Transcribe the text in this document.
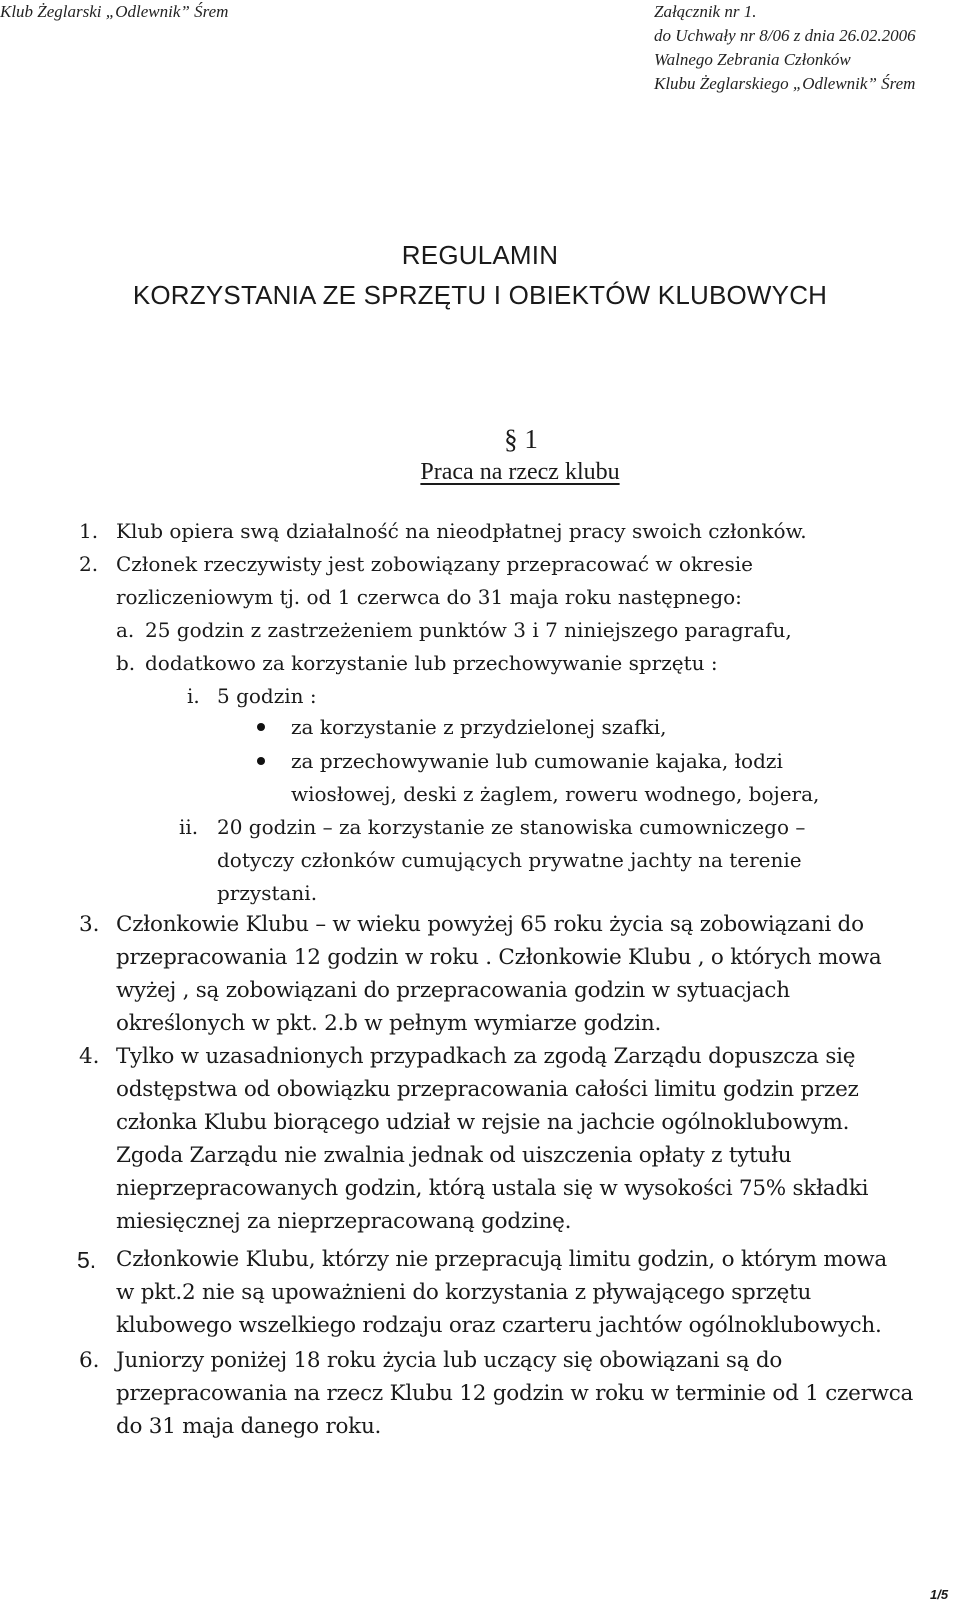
Klub Żeglarski „Odlewnik” Śrem	Załącznik nr 1.
do Uchwały nr 8/06 z dnia 26.02.2006
Walnego Zebrania Członków
Klubu Żeglarskiego „Odlewnik” Śrem
REGULAMIN
KORZYSTANIA ZE SPRZĘTU I OBIEKTÓW KLUBOWYCH
§ 1
Praca na rzecz klubu
1. Klub opiera swą działalność na nieodpłatnej pracy swoich członków.
2. Członek rzeczywisty jest zobowiązany przepracować w okresie
rozliczeniowym tj. od 1 czerwca do 31 maja roku następnego:
a. 25 godzin z zastrzeżeniem punktów 3 i 7 niniejszego paragrafu,
b. dodatkowo za korzystanie lub przechowywanie sprzętu :
i. 5 godzin :
za korzystanie z przydzielonej szafki,
za przechowywanie lub cumowanie kajaka, łodzi
wiosłowej, deski z żaglem, roweru wodnego, bojera,
ii. 20 godzin – za korzystanie ze stanowiska cumowniczego –
dotyczy członków cumujących prywatne jachty na terenie
przystani.
3. Członkowie Klubu – w wieku powyżej 65 roku życia są zobowiązani do
przepracowania 12 godzin w roku . Członkowie Klubu , o których mowa
wyżej , są zobowiązani do przepracowania godzin w sytuacjach
określonych w pkt. 2.b w pełnym wymiarze godzin.
4. Tylko w uzasadnionych przypadkach za zgodą Zarządu dopuszcza się
odstępstwa od obowiązku przepracowania całości limitu godzin przez
członka Klubu biorącego udział w rejsie na jachcie ogólnoklubowym.
Zgoda Zarządu nie zwalnia jednak od uiszczenia opłaty z tytułu
nieprzepracowanych godzin, którą ustala się w wysokości 75% składki
miesięcznej za nieprzepracowaną godzinę.
5. Członkowie Klubu, którzy nie przepracują limitu godzin, o którym mowa
w pkt.2 nie są upoważnieni do korzystania z pływającego sprzętu
klubowego wszelkiego rodzaju oraz czarteru jachtów ogólnoklubowych.
6. Juniorzy poniżej 18 roku życia lub uczący się obowiązani są do
przepracowania na rzecz Klubu 12 godzin w roku w terminie od 1 czerwca
do 31 maja danego roku.
1/5
